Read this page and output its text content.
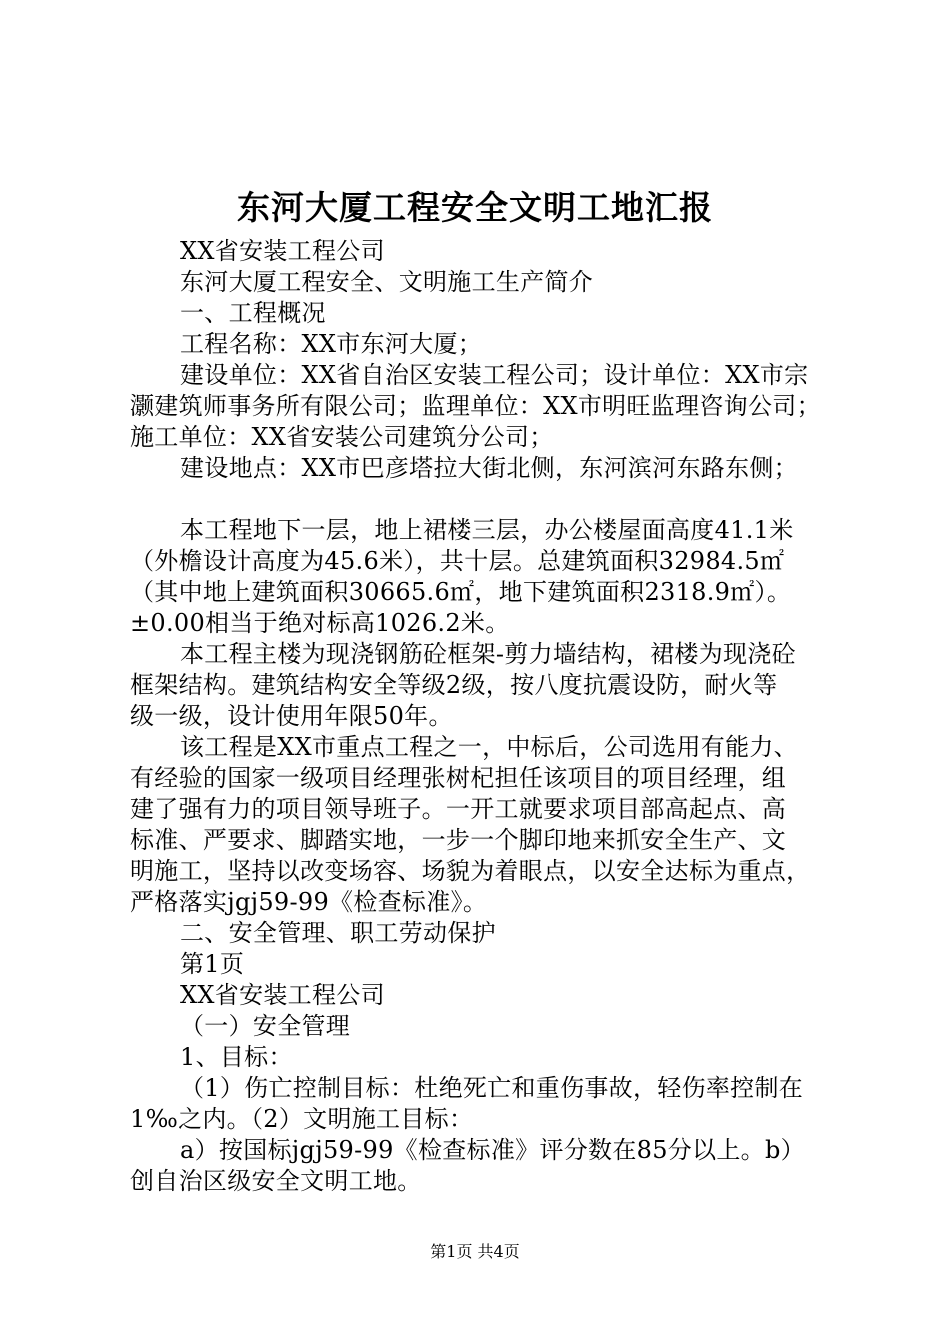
东河大厦工程安全文明工地汇报
XX省安装工程公司
东河大厦工程安全、文明施工生产简介
一、工程概况
工程名称：XX市东河大厦；
建设单位：XX省自治区安装工程公司；设计单位：XX市宗
灏建筑师事务所有限公司；监理单位：XX市明旺监理咨询公司；
施工单位：XX省安装公司建筑分公司；
建设地点：XX市巴彦塔拉大街北侧，东河滨河东路东侧；
本工程地下一层，地上裙楼三层，办公楼屋面高度41.1米
（外檐设计高度为45.6米），共十层。总建筑面积32984.5㎡
（其中地上建筑面积30665.6㎡，地下建筑面积2318.9㎡）。
±0.00相当于绝对标高1026.2米。
本工程主楼为现浇钢筋砼框架-剪力墙结构，裙楼为现浇砼
框架结构。建筑结构安全等级2级，按八度抗震设防，耐火等
级一级，设计使用年限50年。
该工程是XX市重点工程之一，中标后，公司选用有能力、
有经验的国家一级项目经理张树杞担任该项目的项目经理，组
建了强有力的项目领导班子。一开工就要求项目部高起点、高
标准、严要求、脚踏实地，一步一个脚印地来抓安全生产、文
明施工，坚持以改变场容、场貌为着眼点，以安全达标为重点，
严格落实jgj59-99《检查标准》。
二、安全管理、职工劳动保护
第1页
XX省安装工程公司
（一）安全管理
1、目标：
（1）伤亡控制目标：杜绝死亡和重伤事故，轻伤率控制在
1‰之内。（2）文明施工目标：
a）按国标jgj59-99《检查标准》评分数在85分以上。b）
创自治区级安全文明工地。
第1页 共4页
